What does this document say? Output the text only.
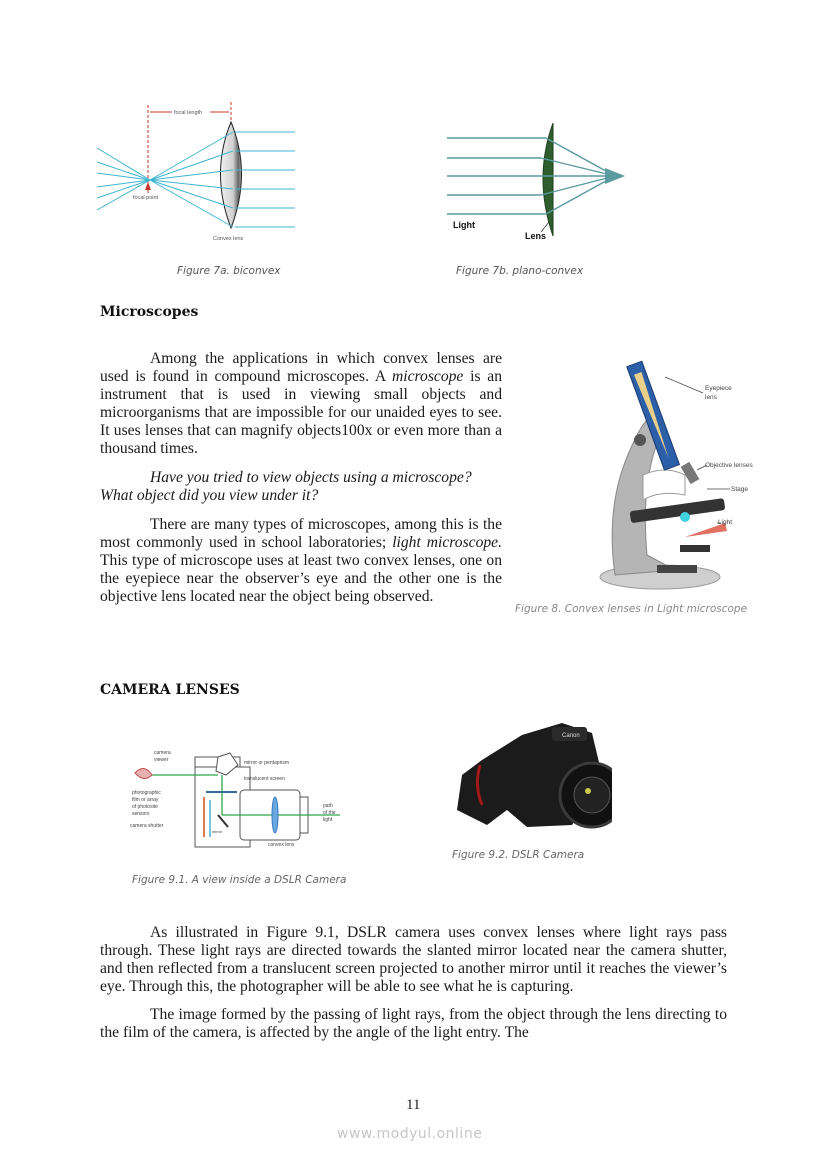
focal length
focal point
Convex lens
Figure 7a. biconvex
Light
Lens
Figure 7b. plano-convex
Microscopes

Among the applications in which convex lenses are used is found in compound microscopes. A microscope is an instrument that is used in viewing small objects and microorganisms that are impossible for our unaided eyes to see. It uses lenses that can magnify objects100x or even more than a thousand times.

Have you tried to view objects using a microscope? What object did you view under it?

There are many types of microscopes, among this is the most commonly used in school laboratories; light microscope. This type of microscope uses at least two convex lenses, one on the eyepiece near the observer’s eye and the other one is the objective lens located near the object being observed.

Eyepiece
lens
Objective lenses
Stage
Light
Figure 8. Convex lenses in Light microscope
CAMERA LENSES
camera
viewer	mirror or pentaprism
translucent screen
photographic
film or array
of photosite
sensors
camera shutter
mirror
path
of the
light
convex lens
Figure 9.1. A view inside a DSLR Camera
Canon
Figure 9.2. DSLR Camera

As illustrated in Figure 9.1, DSLR camera uses convex lenses where light rays pass through. These light rays are directed towards the slanted mirror located near the camera shutter, and then reflected from a translucent screen projected to another mirror until it reaches the viewer’s eye. Through this, the photographer will be able to see what he is capturing.

The image formed by the passing of light rays, from the object through the lens directing to the film of the camera, is affected by the angle of the light entry. The

11
www.modyul.online
